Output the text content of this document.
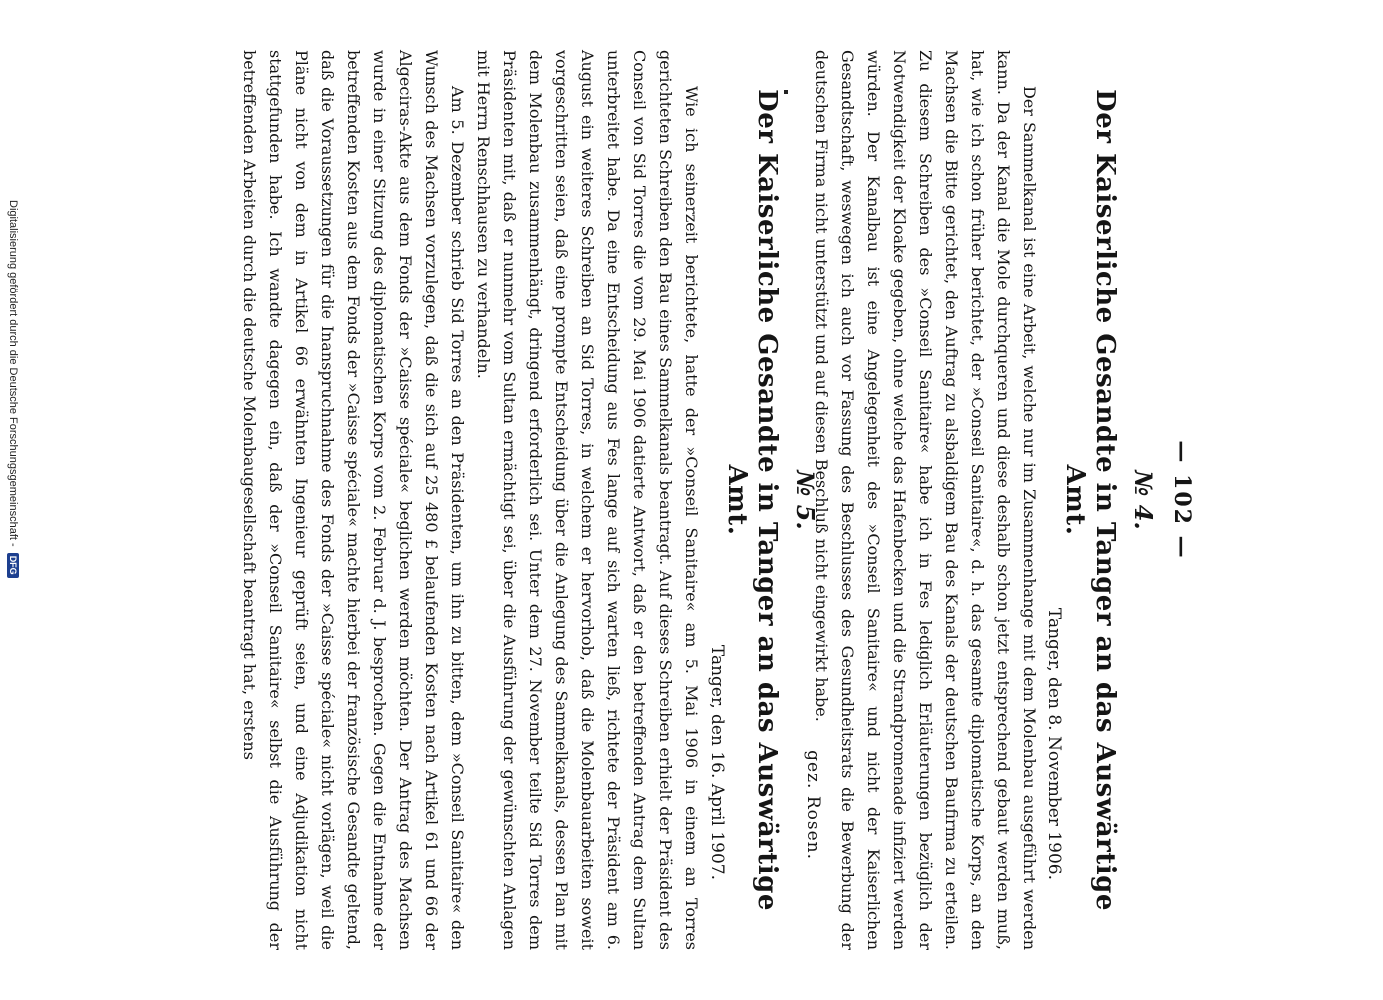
— 102 —
№ 4.
Der Kaiserliche Gesandte in Tanger an das Auswärtige Amt.
Tanger, den 8. November 1906.

Der Sammelkanal ist eine Arbeit, welche nur im Zusammenhange mit dem Molenbau ausgeführt werden kann. Da der Kanal die Mole durchqueren und diese deshalb schon jetzt entsprechend gebaut werden muß, hat, wie ich schon früher berichtet, der »Conseil Sanitaire«, d. h. das gesamte diplomatische Korps, an den Machsen die Bitte gerichtet, den Auftrag zu alsbaldigem Bau des Kanals der deutschen Baufirma zu erteilen. Zu diesem Schreiben des »Conseil Sanitaire« habe ich in Fes lediglich Erläuterungen bezüglich der Notwendigkeit der Kloake gegeben, ohne welche das Hafenbecken und die Strandpromenade infiziert werden würden. Der Kanalbau ist eine Angelegenheit des »Conseil Sanitaire« und nicht der Kaiserlichen Gesandtschaft, weswegen ich auch vor Fassung des Beschlusses des Gesundheitsrats die Bewerbung der deutschen Firma nicht unterstützt und auf diesen Beschluß nicht eingewirkt habe.

gez. Rosen.
№ 5.
Der Kaiserliche Gesandte in Tanger an das Auswärtige Amt.
Tanger, den 16. April 1907.

Wie ich seinerzeit berichtete, hatte der »Conseil Sanitaire« am 5. Mai 1906 in einem an Torres gerichteten Schreiben den Bau eines Sammelkanals beantragt. Auf dieses Schreiben erhielt der Präsident des Conseil von Sid Torres die vom 29. Mai 1906 datierte Antwort, daß er den betreffenden Antrag dem Sultan unterbreitet habe. Da eine Entscheidung aus Fes lange auf sich warten ließ, richtete der Präsident am 6. August ein weiteres Schreiben an Sid Torres, in welchem er hervorhob, daß die Molenbauarbeiten soweit vorgeschritten seien, daß eine prompte Entscheidung über die Anlegung des Sammelkanals, dessen Plan mit dem Molenbau zusammenhängt, dringend erforderlich sei. Unter dem 27. November teilte Sid Torres dem Präsidenten mit, daß er nunmehr vom Sultan ermächtigt sei, über die Ausführung der gewünschten Anlagen mit Herrn Renschhausen zu verhandeln.

Am 5. Dezember schrieb Sid Torres an den Präsidenten, um ihn zu bitten, dem »Conseil Sanitaire« den Wunsch des Machsen vorzulegen, daß die sich auf 25 480 £ belaufenden Kosten nach Artikel 61 und 66 der Algeciras-Akte aus dem Fonds der »Caisse spéciale« beglichen werden möchten. Der Antrag des Machsen wurde in einer Sitzung des diplomatischen Korps vom 2. Februar d. J. besprochen. Gegen die Entnahme der betreffenden Kosten aus dem Fonds der »Caisse spéciale« machte hierbei der französische Gesandte geltend, daß die Voraussetzungen für die Inanspruchnahme des Fonds der »Caisse spéciale« nicht vorlägen, weil die Pläne nicht von dem in Artikel 66 erwähnten Ingenieur geprüft seien, und eine Adjudikation nicht stattgefunden habe. Ich wandte dagegen ein, daß der »Conseil Sanitaire« selbst die Ausführung der betreffenden Arbeiten durch die deutsche Molenbaugesellschaft beantragt hat, erstens

Digitalisierung gefördert durch die Deutsche Forschungsgemeinschaft -
DFG
